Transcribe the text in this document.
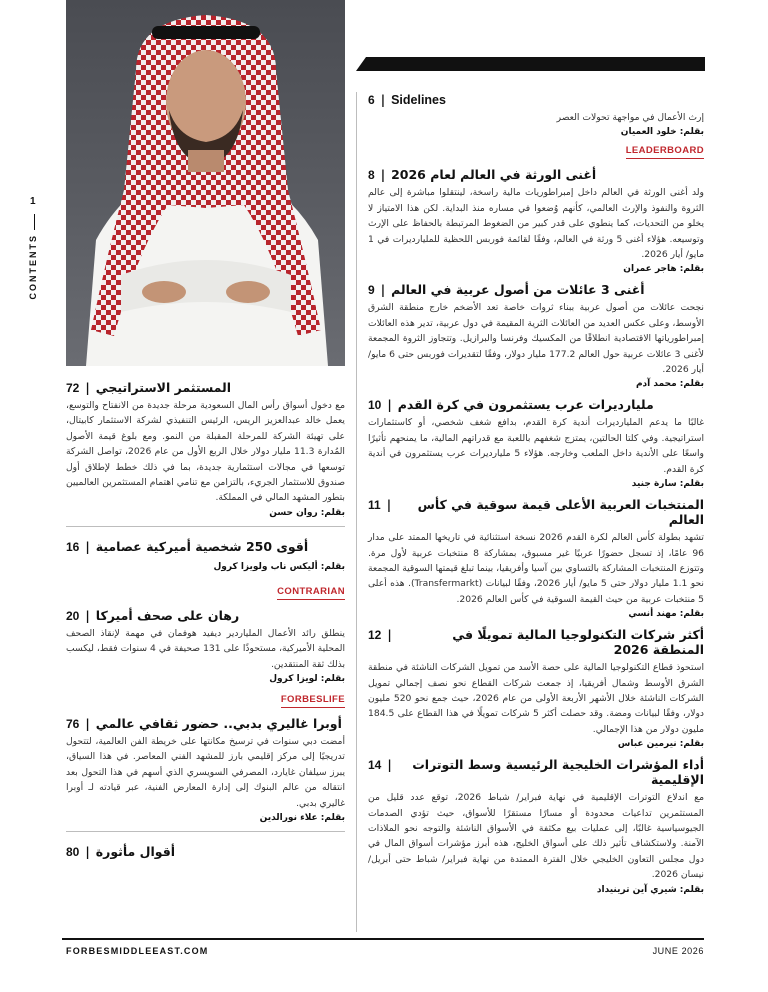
1
CONTENTS
6 | Sidelines
إرث الأعمال في مواجهة تحولات العصر
بقلم: خلود العميان
LEADERBOARD
8 | أغنى الورثة في العالم لعام 2026
ولد أغنى الورثة في العالم داخل إمبراطوريات مالية راسخة، لينتقلوا مباشرة إلى عالم الثروة والنفوذ والإرث العالمي، كأنهم وُضعوا في مساره منذ البداية. لكن هذا الامتياز لا يخلو من التحديات، كما ينطوي على قدر كبير من الضغوط المرتبطة بالحفاظ على الإرث وتوسيعه. هؤلاء أغنى 5 ورثة في العالم، وفقًا لقائمة فوربس اللحظية للمليارديرات في 1 مايو/ أيار 2026.
بقلم: هاجر عمران
9 | أغنى 3 عائلات من أصول عربية في العالم
نجحت عائلات من أصول عربية ببناء ثروات خاصة تعد الأضخم خارج منطقة الشرق الأوسط، وعلى عكس العديد من العائلات الثرية المقيمة في دول عربية، تدير هذه العائلات إمبراطورياتها الاقتصادية انطلاقًا من المكسيك وفرنسا والبرازيل. وتتجاوز الثروة المجمعة لأغنى 3 عائلات عربية حول العالم 177.2 مليار دولار، وفقًا لتقديرات فوربس حتى 6 مايو/ أيار 2026.
بقلم: محمد آدم
10 | مليارديرات عرب يستثمرون في كرة القدم
غالبًا ما يدعم المليارديرات أندية كرة القدم، بدافع شغف شخصي، أو كاستثمارات استراتيجية. وفي كلتا الحالتين، يمتزج شغفهم باللعبة مع قدراتهم المالية، ما يمنحهم تأثيرًا واسعًا على الأندية داخل الملعب وخارجه. هؤلاء 5 مليارديرات عرب يستثمرون في أندية كرة القدم.
بقلم: سارة جنيد
11 |	المنتخبات العربية الأعلى قيمة سوقية في كأس العالم
تشهد بطولة كأس العالم لكرة القدم 2026 نسخة استثنائية في تاريخها الممتد على مدار 96 عامًا، إذ تسجل حضورًا عربيًا غير مسبوق، بمشاركة 8 منتخبات عربية لأول مرة. وتتوزع المنتخبات المشاركة بالتساوي بين آسيا وأفريقيا، بينما تبلغ قيمتها السوقية المجمعة نحو 1.1 مليار دولار حتى 5 مايو/ أيار 2026، وفقًا لبيانات (Transfermarkt). هذه أعلى 5 منتخبات عربية من حيث القيمة السوقية في كأس العالم 2026.
بقلم: مهند أنسي
12 |	أكثر شركات التكنولوجيا المالية تمويلًا في المنطقة 2026
استحوذ قطاع التكنولوجيا المالية على حصة الأسد من تمويل الشركات الناشئة في منطقة الشرق الأوسط وشمال أفريقيا، إذ جمعت شركات القطاع نحو نصف إجمالي تمويل الشركات الناشئة خلال الأشهر الأربعة الأولى من عام 2026، حيث جمع نحو 520 مليون دولار، وفقًا لبيانات ومضة. وقد حصلت أكثر 5 شركات تمويلًا في هذا القطاع على 184.5 مليون دولار من هذا الإجمالي.
بقلم: نيرمين عباس
14 |	أداء المؤشرات الخليجية الرئيسية وسط التوترات الإقليمية
مع اندلاع التوترات الإقليمية في نهاية فبراير/ شباط 2026، توقع عدد قليل من المستثمرين تداعيات محدودة أو مسارًا مستقرًا للأسواق، حيث تؤدي الصدمات الجيوسياسية غالبًا، إلى عمليات بيع مكثفة في الأسواق الناشئة والتوجه نحو الملاذات الآمنة. ولاستكشاف تأثير ذلك على أسواق الخليج، هذه أبرز مؤشرات أسواق المال في دول مجلس التعاون الخليجي خلال الفترة الممتدة من نهاية فبراير/ شباط حتى أبريل/ نيسان 2026.
بقلم: شيري آين ترينيداد
72 | المستثمر الاستراتيجي
مع دخول أسواق رأس المال السعودية مرحلة جديدة من الانفتاح والتوسع، يعمل خالد عبدالعزيز الريس، الرئيس التنفيذي لشركة الاستثمار كابيتال، على تهيئة الشركة للمرحلة المقبلة من النمو. ومع بلوغ قيمة الأصول المُدارة 11.3 مليار دولار خلال الربع الأول من عام 2026، تواصل الشركة توسعها في مجالات استثمارية جديدة، بما في ذلك خطط لإطلاق أول صندوق للاستثمار الجريء، بالتزامن مع تنامي اهتمام المستثمرين العالميين بتطور المشهد المالي في المملكة.
بقلم: روان حسن
16 | أقوى 250 شخصية أميركية عصامية
بقلم: أليكس ناب ولويزا كرول
CONTRARIAN
20 | رهان على صحف أميركا
ينطلق رائد الأعمال الملياردير ديفيد هوفمان في مهمة لإنقاذ الصحف المحلية الأميركية، مستحوذًا على 131 صحيفة في 4 سنوات فقط، ليكسب بذلك ثقة المنتقدين.
بقلم: لويزا كرول
FORBESLIFE
76 | أوبرا غاليري بدبي.. حضور ثقافي عالمي
أمضت دبي سنوات في ترسيخ مكانتها على خريطة الفن العالمية، لتتحول تدريجيًا إلى مركز إقليمي بارز للمشهد الفني المعاصر. في هذا السياق، يبرز سيلفان غايارد، المصرفي السويسري الذي أسهم في هذا التحول بعد انتقاله من عالم البنوك إلى إدارة المعارض الفنية، عبر قيادته لـ أوبرا غاليري بدبي.
بقلم: علاء نورالدين
80 | أقوال مأثورة
FORBESMIDDLEEAST.COM	JUNE 2026
